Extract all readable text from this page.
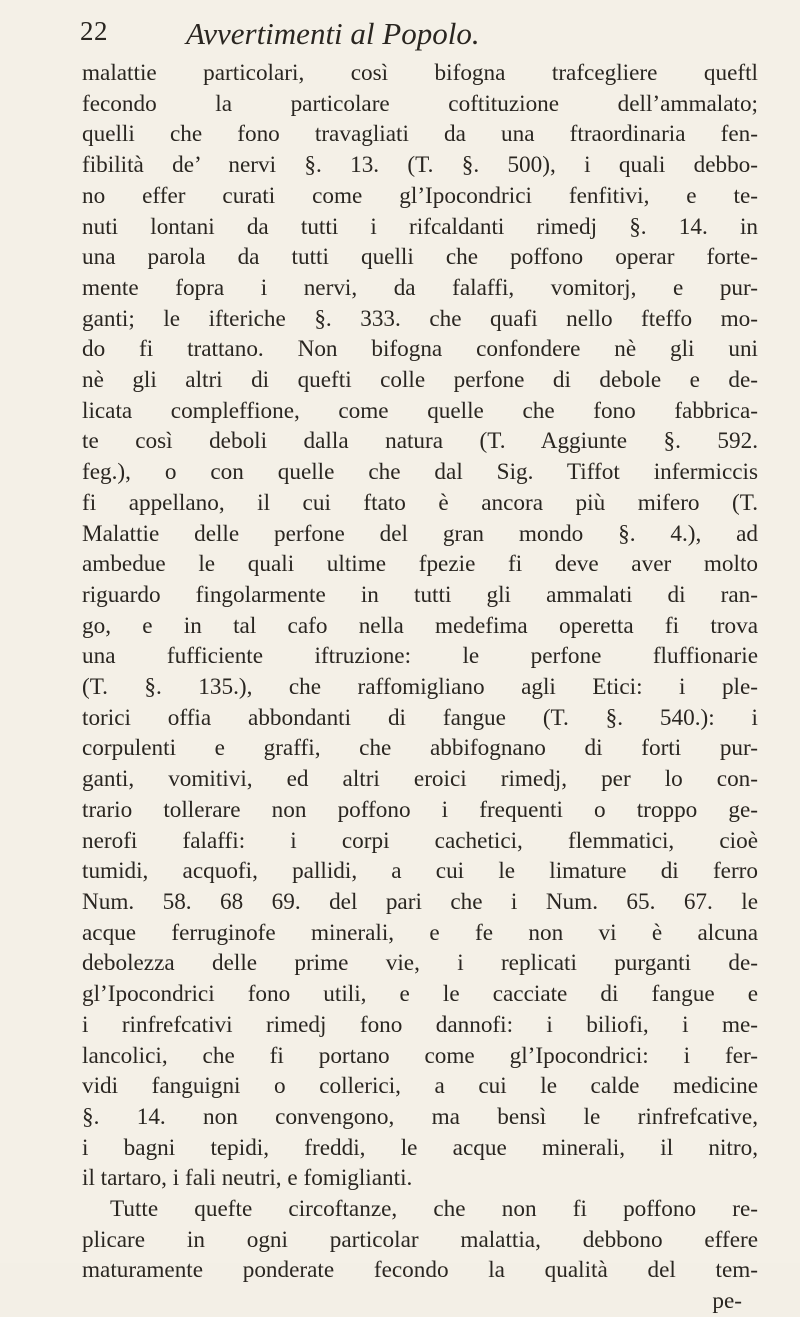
22	Avvertimenti al Popolo.
malattie particolari, così bifogna trafcegliere queftl
fecondo la particolare coftituzione dell’ammalato;
quelli che fono travagliati da una ftraordinaria fen-
fibilità de’ nervi §. 13. (T. §. 500), i quali debbo-
no effer curati come gl’Ipocondrici fenfitivi, e te-
nuti lontani da tutti i rifcaldanti rimedj §. 14. in
una parola da tutti quelli che poffono operar forte-
mente fopra i nervi, da falaffi, vomitorj, e pur-
ganti; le ifteriche §. 333. che quafi nello fteffo mo-
do fi trattano. Non bifogna confondere nè gli uni
nè gli altri di quefti colle perfone di debole e de-
licata compleffione, come quelle che fono fabbrica-
te così deboli dalla natura (T. Aggiunte §. 592.
feg.), o con quelle che dal Sig. Tiffot infermiccis
fi appellano, il cui ftato è ancora più mifero (T.
Malattie delle perfone del gran mondo §. 4.), ad
ambedue le quali ultime fpezie fi deve aver molto
riguardo fingolarmente in tutti gli ammalati di ran-
go, e in tal cafo nella medefima operetta fi trova
una fufficiente iftruzione: le perfone fluffionarie
(T. §. 135.), che raffomigliano agli Etici: i ple-
torici offia abbondanti di fangue (T. §. 540.): i
corpulenti e graffi, che abbifognano di forti pur-
ganti, vomitivi, ed altri eroici rimedj, per lo con-
trario tollerare non poffono i frequenti o troppo ge-
nerofi falaffi: i corpi cachetici, flemmatici, cioè
tumidi, acquofi, pallidi, a cui le limature di ferro
Num. 58. 68 69. del pari che i Num. 65. 67. le
acque ferruginofe minerali, e fe non vi è alcuna
debolezza delle prime vie, i replicati purganti de-
gl’Ipocondrici fono utili, e le cacciate di fangue e
i rinfrefcativi rimedj fono dannofi: i biliofi, i me-
lancolici, che fi portano come gl’Ipocondrici: i fer-
vidi fanguigni o collerici, a cui le calde medicine
§. 14. non convengono, ma bensì le rinfrefcative,
i bagni tepidi, freddi, le acque minerali, il nitro,
il tartaro, i fali neutri, e fomiglianti.
Tutte quefte circoftanze, che non fi poffono re-
plicare in ogni particolar malattia, debbono effere
maturamente ponderate fecondo la qualità del tem-
pe-
